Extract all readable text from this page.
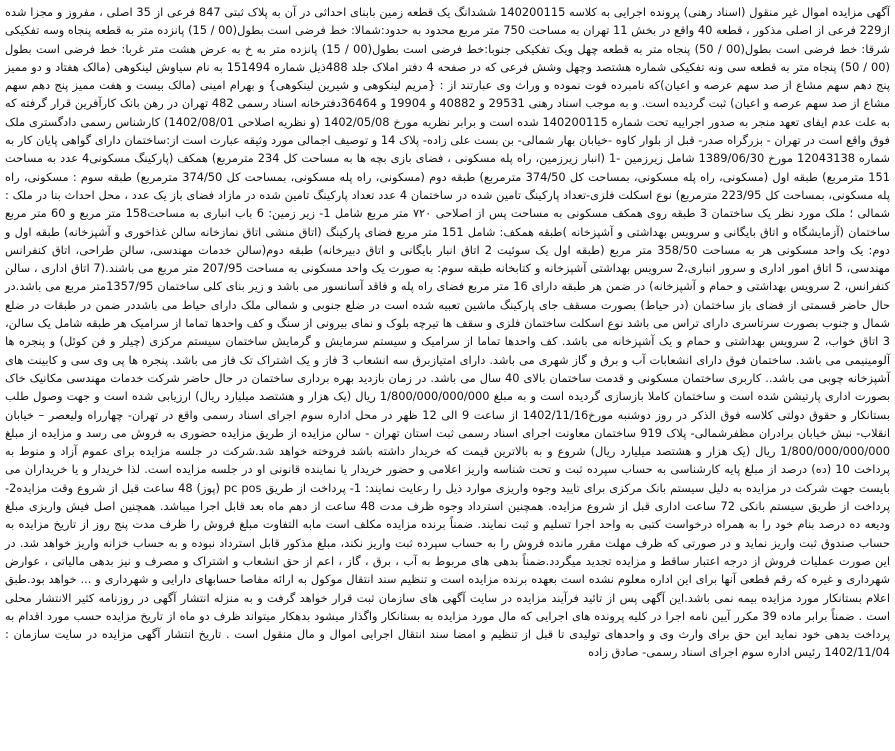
آگهی مزایده اموال غیر منقول (اسناد رهنی) پرونده اجرایی به کلاسه 140200115 ششدانگ یک قطعه زمین بابنای احداثی در آن به پلاک ثبتی 847 فرعی از 35 اصلی ، مفروز و مجزا شده از229 فرعی از اصلی مذکور ، قطعه 40 واقع در بخش 11 تهران به مساحت 750 متر مربع محدود به حدود:شمالا: خط فرضی است بطول(00 / 15) پانزده متر به قطعه پنجاه وسه تفکیکی شرقا: خط فرضی است بطول(00 / 50) پنجاه متر به قطعه چهل ویک تفکیکی جنوبا:خط فرضی است بطول(00 / 15) پانزده متر به خ به عرض هشت متر غربا: خط فرضی است بطول (00 / 50) پنجاه متر به قطعه سی ونه تفکیکی شماره هشتصد وچهل وشش فرعی که در صفحه 4 دفتر املاک جلد 488ذیل شماره 151494 به نام سیاوش لینکوهی (مالک هفتاد و دو ممیز پنج دهم سهم مشاع از صد سهم عرصه و اعیان)که نامبرده فوت نموده و وراث وی عبارتند از : {مریم لینکوهی و شیرین لینکوهی} و بهرام امینی (مالک بیست و هفت ممیز پنج دهم سهم مشاع از صد سهم عرصه و اعیان) ثبت گردیده است. و به موجب اسناد رهنی 29531 و 40882 و 19904 و 36464دفترخانه اسناد رسمی 482 تهران در رهن بانک کارآفرین قرار گرفته که به علت عدم ایفای تعهد منجر به صدور اجراییه تحت شماره 140200115 شده است و برابر نظریه مورخ 1402/05/08 (و نظریه اصلاحی 1402/08/01) کارشناس رسمی دادگستری ملک فوق واقع است در تهران - بزرگراه صدر- قبل از بلوار کاوه -خیابان بهار شمالی- بن بست علی زاده- پلاک 14 و توصیف اجمالی مورد وثیقه عبارت است از:ساختمان دارای گواهی پایان کار به شماره 12043138 مورخ 1389/06/30 شامل زیرزمین -1 (انبار زیرزمین، راه پله مسکونی ، فضای بازی بچه ها به مساحت کل 234 مترمربع) همکف (پارکینگ مسکونی4 عدد به مساحت 151 مترمربع) طبقه اول (مسکونی، راه پله مسکونی، بمساحت کل 374/50 مترمربع) طبقه دوم (مسکونی، راه پله مسکونی، بمساحت کل 374/50 مترمربع) طبقه سوم : مسکونی، راه پله مسکونی، بمساحت کل 223/95 مترمربع) نوع اسکلت فلزی-تعداد پارکینگ تامین شده در ساختمان 4 عدد تعداد پارکینگ تامین شده در مازاد فضای باز یک عدد ، محل احداث بنا در ملک : شمالی ؛ ملک مورد نظر یک ساختمان 3 طبقه روی همکف مسکونی به مساحت پس از اصلاحی ۷۲۰ متر مربع شامل 1- زیر زمین: 6 باب انباری به مساحت158 متر مربع و 60 متر مربع ساختمان (آزمایشگاه و اتاق بایگانی و سرویس بهداشتی و آشپزخانه )طبقه همکف: شامل 151 متر مربع فضای پارکینگ (اتاق منشی اتاق نمازخانه سالن غذاخوری و آشپزخانه) طبقه اول و دوم: یک واحد مسکونی هر به مساحت 358/50 متر مربع (طبقه اول یک سوئیت 2 اتاق انبار بایگانی و اتاق دبیرخانه) طبقه دوم(سالن خدمات مهندسی، سالن طراحی، اتاق کنفرانس مهندسی، 5 اتاق امور اداری و سرور انباری،2 سرویس بهداشتی آشپزخانه و کتابخانه طبقه سوم: به صورت یک واحد مسکونی به مساحت 207/95 متر مربع می باشند.(7 اتاق اداری ، سالن کنفرانس، 2 سرویس بهداشتی و حمام و آشپزخانه) در ضمن هر طبقه دارای 16 متر مربع فضای راه پله و فاقد آسانسور می باشد و زیر بنای کلی ساختمان 1357/95متر مربع می باشد.در حال حاضر قسمتی از فضای باز ساختمان (در حیاط) بصورت مسقف جای پارکینگ ماشین تعبیه شده است در ضلع جنوبی و شمالی ملک دارای حیاط می باشددر ضمن در طبقات در ضلع شمال و جنوب بصورت سرتاسری دارای تراس می باشد نوع اسکلت ساختمان فلزی و سقف ها تیرچه بلوک و نمای بیرونی از سنگ و کف واحدها تماما از سرامیک هر طبقه شامل یک سالن، 3 اتاق خواب، 2 سرویس بهداشتی و حمام و یک آشپزخانه می باشد. کف واحدها تماما از سرامیک و سیستم سرمایش و گرمایش ساختمان سیستم مرکزی (چیلر و فن کوئل) و پنجره ها آلومینیمی می باشد. ساختمان فوق دارای انشعابات آب و برق و گاز شهری می باشد. دارای امتیازبرق سه انشعاب 3 فاز و یک اشتراک تک فاز می باشد. پنجره ها پی وی سی و کابینت های آشپزخانه چوبی می باشد.. کاربری ساختمان مسکونی و قدمت ساختمان بالای 40 سال می باشد. در زمان بازدید بهره برداری ساختمان در حال حاضر شرکت خدمات مهندسی مکانیک خاک بصورت اداری پارتیشن شده است و ساختمان کاملا بازسازی گردیده است و به مبلغ 1/800/000/000/000 ریال (یک هزار و هشتصد میلیارد ریال) ارزیابی شده است و جهت وصول طلب بستانکار و حقوق دولتی کلاسه فوق الذکر در روز دوشنبه مورخ1402/11/16 از ساعت 9 الی 12 ظهر در محل اداره سوم اجرای اسناد رسمی واقع در تهران- چهارراه ولیعصر – خیابان انقلاب- نبش خیابان برادران مظفرشمالی- پلاک 919 ساختمان معاونت اجرای اسناد رسمی ثبت استان تهران - سالن مزایده از طریق مزایده حضوری به فروش می رسد و مزایده از مبلغ 1/800/000/000/000 ریال (یک هزار و هشتصد میلیارد ریال) شروع و به بالاترین قیمت که خریدار داشته باشد فروخته خواهد شد.شرکت در جلسه مزایده برای عموم آزاد و منوط به پرداخت 10 (ده) درصد از مبلغ پایه کارشناسی به حساب سپرده ثبت و تحت شناسه واریز اعلامی و حضور خریدار یا نماینده قانونی او در جلسه مزایده است. لذا خریدار و یا خریداران می بایست جهت شرکت در مزایده به دلیل سیستم بانک مرکزی برای تایید وجوه واریزی موارد ذیل را رعایت نمایند: 1- پرداخت از طریق pc pos (پوز) 48 ساعت قبل از شروع وقت مزایده2- پرداخت از طریق سیستم بانکی 72 ساعت اداری قبل از شروع مزایده. همچنین استرداد وجوه ظرف مدت 48 ساعت از دهم ماه بعد قابل اجرا میباشد. همچنین اصل فیش واریزی مبلغ ودیعه ده درصد بنام خود را به همراه درخواست کتبی به واحد اجرا تسلیم و ثبت نمایند. ضمناً برنده مزایده مکلف است مابه التفاوت مبلغ فروش را ظرف مدت پنج روز از تاریخ مزایده به حساب صندوق ثبت واریز نماید و در صورتی که ظرف مهلت مقرر مانده فروش را به حساب سپرده ثبت واریز نکند، مبلغ مذکور قابل استرداد نبوده و به حساب خزانه واریز خواهد شد. در این صورت عملیات فروش از درجه اعتبار ساقط و مزایده تجدید میگردد.ضمناً بدهی های مربوط به آب ، برق ، گاز ، اعم از حق انشعاب و اشتراک و مصرف و نیز بدهی مالیاتی ، عوارض شهرداری و غیره که رقم قطعی آنها برای این اداره معلوم نشده است بعهده برنده مزایده است و تنظیم سند انتقال موکول به ارائه مفاصا حسابهای دارایی و شهرداری و ... خواهد بود.طبق اعلام بستانکار مورد مزایده بیمه نمی باشد.این آگهی پس از تائید فرآیند مزایده در سایت آگهی های سازمان ثبت قرار خواهد گرفت و به منزله انتشار آگهی در روزنامه کثیر الانتشار محلی است . ضمناً برابر ماده 39 مکرر آیین نامه اجرا در کلیه پرونده های اجرایی که مال مورد مزایده به بستانکار واگذار میشود بدهکار میتواند ظرف دو ماه از تاریخ مزایده حسب مورد اقدام به پرداخت بدهی خود نماید این حق برای وارث وی و واحدهای تولیدی تا قبل از تنظیم و امضا سند انتقال اجرایی اموال و مال منقول است . تاریخ انتشار آگهی مزایده در سایت سازمان : 1402/11/04 رئیس اداره سوم اجرای اسناد رسمی- صادق زاده
